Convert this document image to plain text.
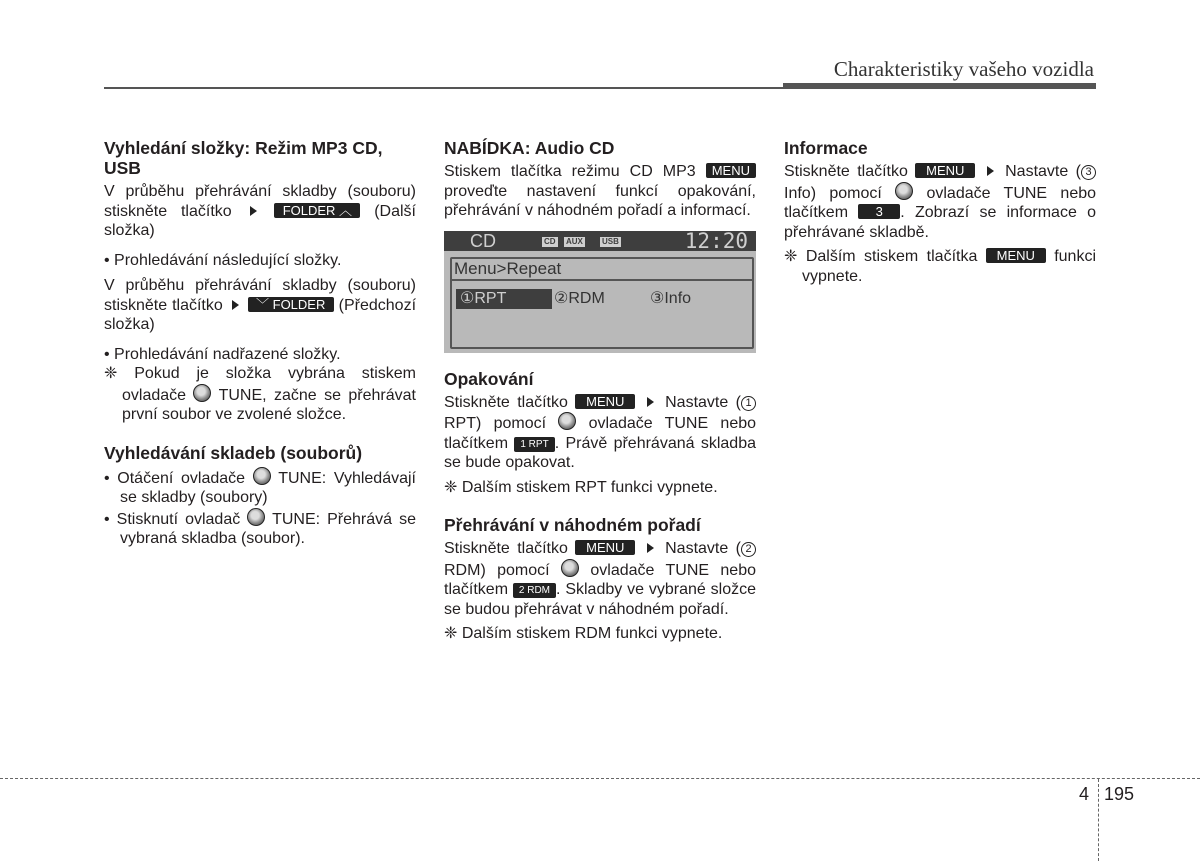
Charakteristiky vašeho vozidla
Vyhledání složky: Režim MP3 CD, USB

V průběhu přehrávání skladby (souboru) stiskněte tlačítko	FOLDER ︿ (Další složka)

• Prohledávání následující složky.

V průběhu přehrávání skladby (souboru) stiskněte tlačítko	﹀ FOLDER (Předchozí složka)

• Prohledávání nadřazené složky.

❈ Pokud je složka vybrána stiskem ovladače TUNE, začne se přehrávat první soubor ve zvolené složce.

Vyhledávání skladeb (souborů)

• Otáčení ovladače TUNE: Vyhledávají se skladby (soubory)

• Stisknutí ovladač TUNE: Přehrává se vybraná skladba (soubor).

NABÍDKA: Audio CD

Stiskem tlačítka režimu CD MP3 MENU proveďte nastavení funkcí opakování, přehrávání v náhodném pořadí a informací.

CD	CD AUX USB	12:20
Menu>Repeat
①RPT	②RDM	③Info
Opakování

Stiskněte tlačítko MENU	Nastavte ( 1RPT) pomocí	ovladače TUNE nebo tlačítkem 1 RPT . Právě přehrávaná skladba se bude opakovat.

❈ Dalším stiskem RPT funkci vypnete.

Přehrávání v náhodném pořadí

Stiskněte tlačítko MENU	Nastavte ( 2RDM) pomocí	ovladače TUNE nebo tlačítkem 2 RDM . Skladby ve vybrané složce se budou přehrávat v náhodném pořadí.

❈ Dalším stiskem RDM funkci vypnete.

Informace

Stiskněte tlačítko MENU	Nastavte ( 3Info) pomocí	ovladače TUNE nebo tlačítkem 3 . Zobrazí se informace o přehrávané skladbě.

❈ Dalším stiskem tlačítka MENU funkci vypnete.

4 195
